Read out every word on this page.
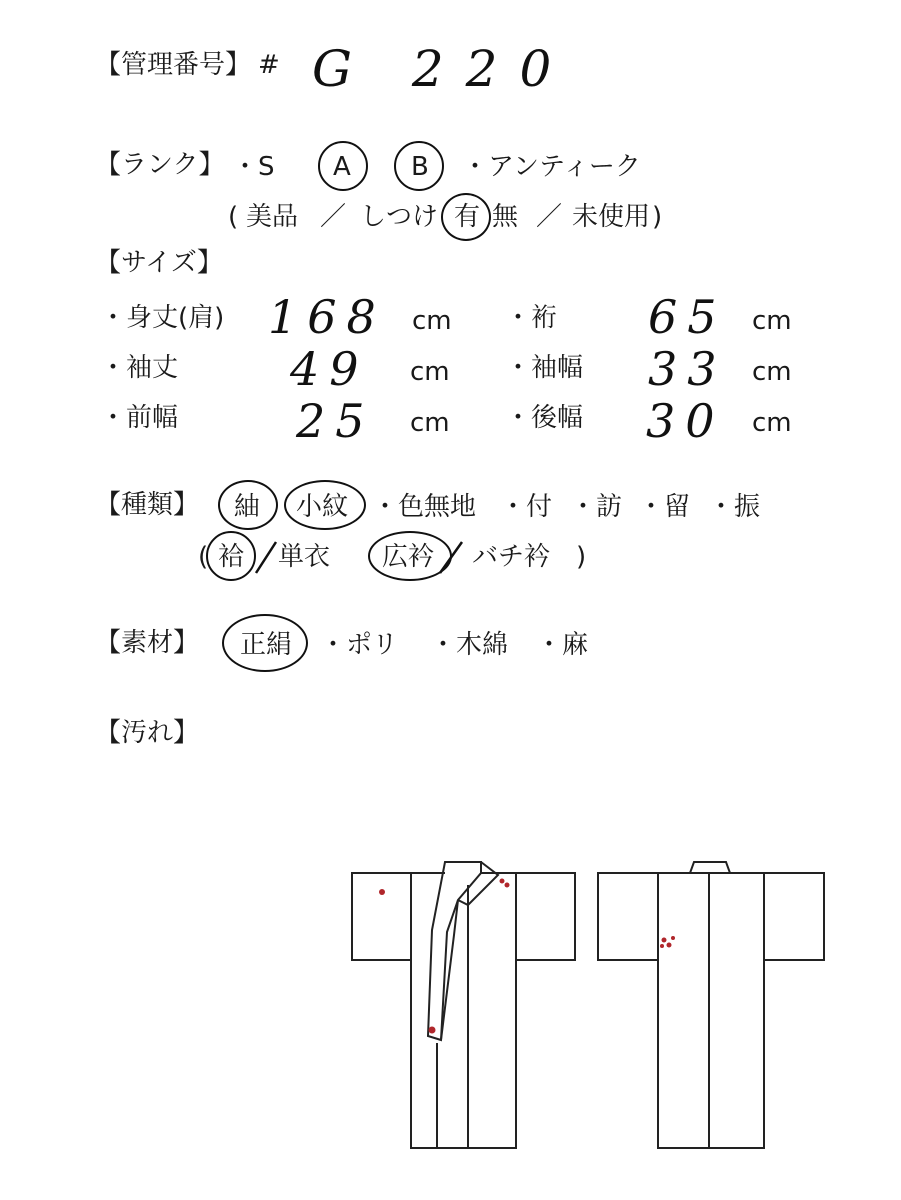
【管理番号】 # G 220
【ランク】 ・S A B ・アンティーク
( 美品 ／ しつけ 有 無 ／ 未使用 )
【サイズ】
・身丈(肩) 168 cm ・裄 65 cm
・袖丈 49 cm ・袖幅 33 cm
・前幅	25 cm ・後幅 30 cm
【種類】 紬 小紋 ・色無地 ・付 ・訪 ・留 ・振
( 袷 単衣 広衿 バチ衿 )
【素材】 正絹 ・ポリ ・木綿 ・麻
【汚れ】
